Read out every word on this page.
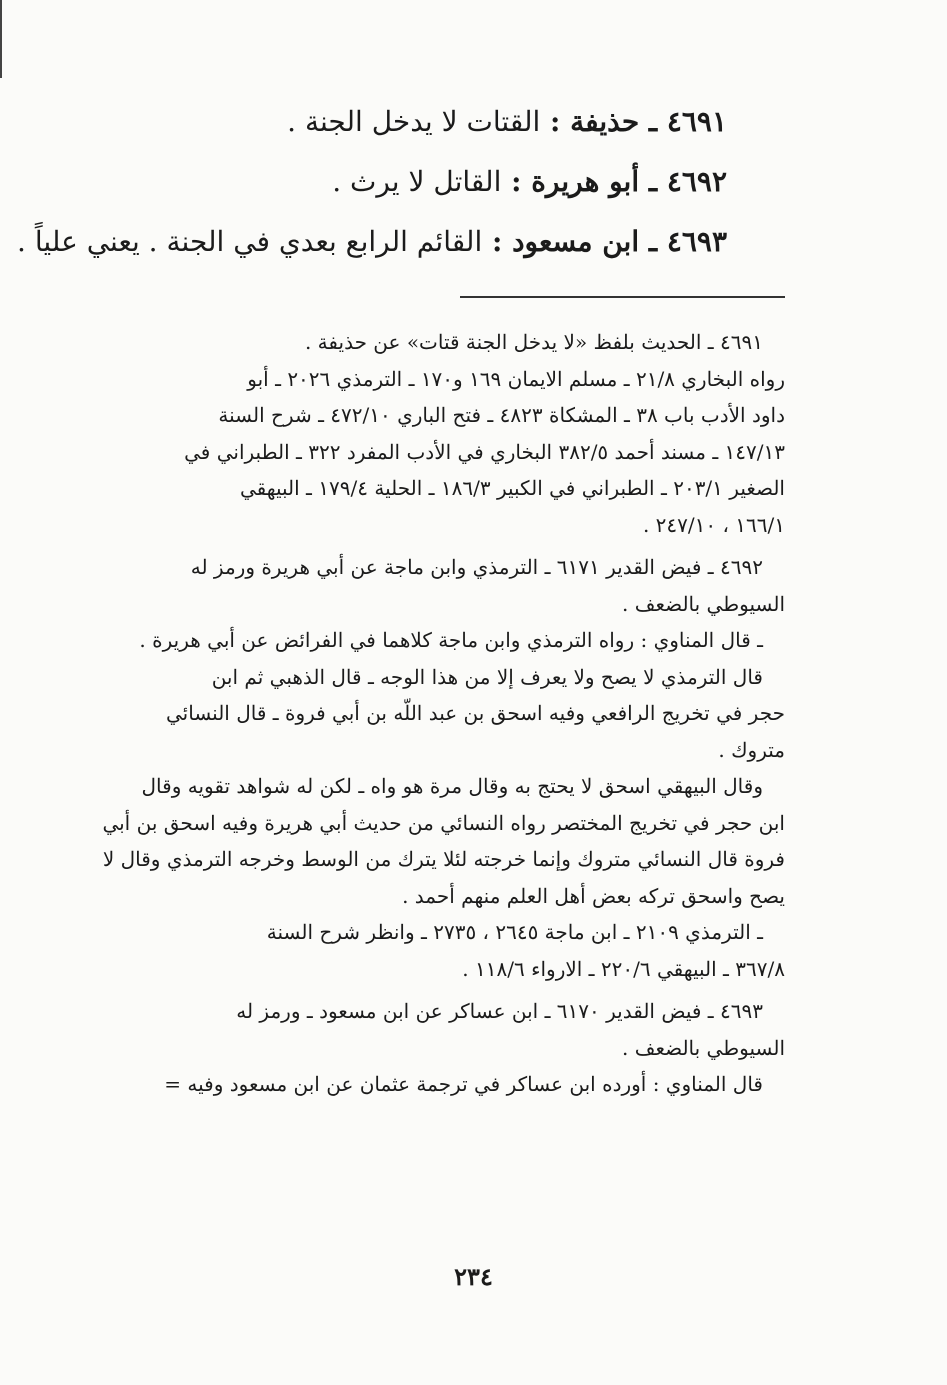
٤٦٩١ ـ حذيفة : القتات لا يدخل الجنة .
٤٦٩٢ ـ أبو هريرة : القاتل لا يرث .
٤٦٩٣ ـ ابن مسعود : القائم الرابع بعدي في الجنة . يعني علياً .
٤٦٩١ ـ الحديث بلفظ «لا يدخل الجنة قتات» عن حذيفة .
رواه البخاري ٢١/٨ ـ مسلم الايمان ١٦٩ و١٧٠ ـ الترمذي ٢٠٢٦ ـ أبو
داود الأدب باب ٣٨ ـ المشكاة ٤٨٢٣ ـ فتح الباري ٤٧٢/١٠ ـ شرح السنة
١٤٧/١٣ ـ مسند أحمد ٣٨٢/٥ البخاري في الأدب المفرد ٣٢٢ ـ الطبراني في
الصغير ٢٠٣/١ ـ الطبراني في الكبير ١٨٦/٣ ـ الحلية ١٧٩/٤ ـ البيهقي
١٦٦/١ ، ٢٤٧/١٠ .
٤٦٩٢ ـ فيض القدير ٦١٧١ ـ الترمذي وابن ماجة عن أبي هريرة ورمز له
السيوطي بالضعف .
ـ قال المناوي : رواه الترمذي وابن ماجة كلاهما في الفرائض عن أبي هريرة .
قال الترمذي لا يصح ولا يعرف إلا من هذا الوجه ـ قال الذهبي ثم ابن
حجر في تخريج الرافعي وفيه اسحق بن عبد اللّه بن أبي فروة ـ قال النسائي
متروك .
وقال البيهقي اسحق لا يحتج به وقال مرة هو واه ـ لكن له شواهد تقويه وقال
ابن حجر في تخريج المختصر رواه النسائي من حديث أبي هريرة وفيه اسحق بن أبي
فروة قال النسائي متروك وإنما خرجته لئلا يترك من الوسط وخرجه الترمذي وقال لا
يصح واسحق تركه بعض أهل العلم منهم أحمد .
ـ الترمذي ٢١٠٩ ـ ابن ماجة ٢٦٤٥ ، ٢٧٣٥ ـ وانظر شرح السنة
٣٦٧/٨ ـ البيهقي ٢٢٠/٦ ـ الارواء ١١٨/٦ .
٤٦٩٣ ـ فيض القدير ٦١٧٠ ـ ابن عساكر عن ابن مسعود ـ ورمز له
السيوطي بالضعف .
قال المناوي : أورده ابن عساكر في ترجمة عثمان عن ابن مسعود وفيه =
٢٣٤
